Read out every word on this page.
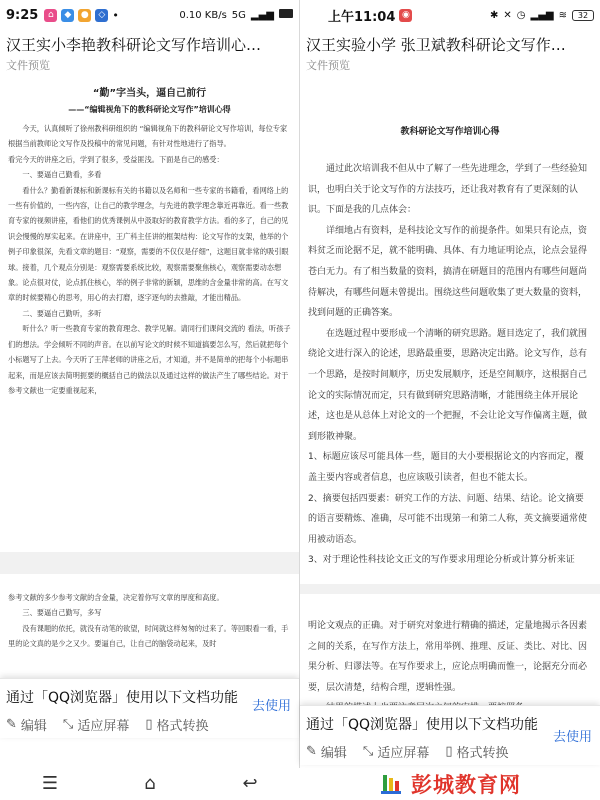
9:25	⌂	◆	●	◇ •	0.10 KB/s 5G ▂▄▆
汉王实小李艳教科研论文写作培训心…
文件预览
“勤”字当头，逼自己前行
——“编辑视角下的教科研论文写作”培训心得
今天，认真倾听了徐州教科研组织的 “编辑视角下的教科研论文写作培训，每位专家根据当前教师论文写作及投稿中的常见问题，有针对性地进行了指导。
看完今天的讲座之后，学到了很多，受益匪浅。下面是自己的感受：
一、要逼自己勤看，多看
看什么？勤看新课标和新课标有关的书籍以及名师和一些专家的书籍看，看网络上的一些有价值的，一些内容，让自己的教学理念，与先进的教学理念靠近再靠近。看一些教育专家的视频讲座，看他们的优秀课例从中汲取好的教育教学方法。看的多了，自己的见识会慢慢的厚实起来。在讲座中，王广科主任讲的框架结构：论文写作的支架，他举的个例子印象很深，先看文章的题目：“观察，需要的不仅仅是仔细”，这题目就非常的吸引眼球。接着，几个观点分别是：观察需要系统比较，观察需要聚焦核心，观察需要动态想象。论点很对仗，论点抓住核心，举的例子非常的新颖，思维的含金量非常的高。在写文章的时候要精心的思考，用心的去打磨，逐字逐句的去推敲，才能出精品。
二、要逼自己勤听，多听
听什么？听一些教育专家的教育理念、教学见解。请同行们课间交流的 看法，听孩子们的想法。学会倾听不同的声音。在以前写论文的时候不知道搞要怎么写，然后就把每个小标题写了上去。今天听了王萍老师的讲座之后，才知道，并不是简单的把每个小标题串起来，而是应该去简明扼要的概括自己的做法以及通过这样的做法产生了哪些结论。对于参考文献也一定要重视起来，
参考文献的多少参考文献的含金量，决定着你写文章的厚度和高度。
三、要逼自己勤写，多写
没有课题的依托，就没有动笔的欲望，时间就这样匆匆的过来了。等回眼看一看，手里的论文真的是少之又少。要逼自己，让自己的脑袋动起来，及时
通过「QQ浏览器」使用以下文档功能
✎ 编辑 ⤡ 适应屏幕 ▯ 格式转换
去使用
☰	⌂	↩
上午11:04 ◉	✱ ✕ ◷ ▂▄▆ ≋	32
汉王实验小学 张卫斌教科研论文写作…
文件预览
教科研论文写作培训心得
通过此次培训我不但从中了解了一些先进理念，学到了一些经验知识，也明白关于论文写作的方法技巧，还让我对教育有了更深刻的认识。下面是我的几点体会：
详细地占有资料，是科技论文写作的前提条件。如果只有论点，资料贫乏而论据不足，就不能明确、具体、有力地证明论点，论点会显得苍白无力。有了相当数量的资料，搞清在研题目的范围内有哪些问题尚待解决，有哪些问题未曾提出。围绕这些问题收集了更大数量的资料，找到问题的正确答案。
在选题过程中要形成一个清晰的研究思路。题目选定了，我们就围绕论文进行深入的论述，思路最重要，思路决定出路。论文写作，总有一个思路，是按时间顺序，历史发展顺序，还是空间顺序，这根据自己论文的实际情况而定，只有做到研究思路清晰，才能围绕主体开展论述，这也是从总体上对论文的一个把握，不会让论文写作偏离主题，做到形散神聚。
1、标题应该尽可能具体一些，题目的大小要根据论文的内容而定，覆盖主要内容或者信息，也应该吸引读者，但也不能太长。
2、摘要包括四要素：研究工作的方法、问题、结果、结论。论文摘要的语言要精炼、准确，尽可能不出现第一和第二人称，英文摘要通常使用被动语态。
3、对于理论性科技论文正文的写作要求用理论分析或计算分析来证
明论文观点的正确。对于研究对象进行精确的描述，定量地揭示各因素之间的关系，在写作方法上，常用举例、推理、反证、类比、对比、因果分析、归谬法等。在写作要求上，应论点明确而惟一，论据充分而必要，层次清楚，结构合理，逻辑性强。
通过「QQ浏览器」使用以下文档功能
✎ 编辑 ⤡ 适应屏幕 ▯ 格式转换
去使用
彭城教育网
